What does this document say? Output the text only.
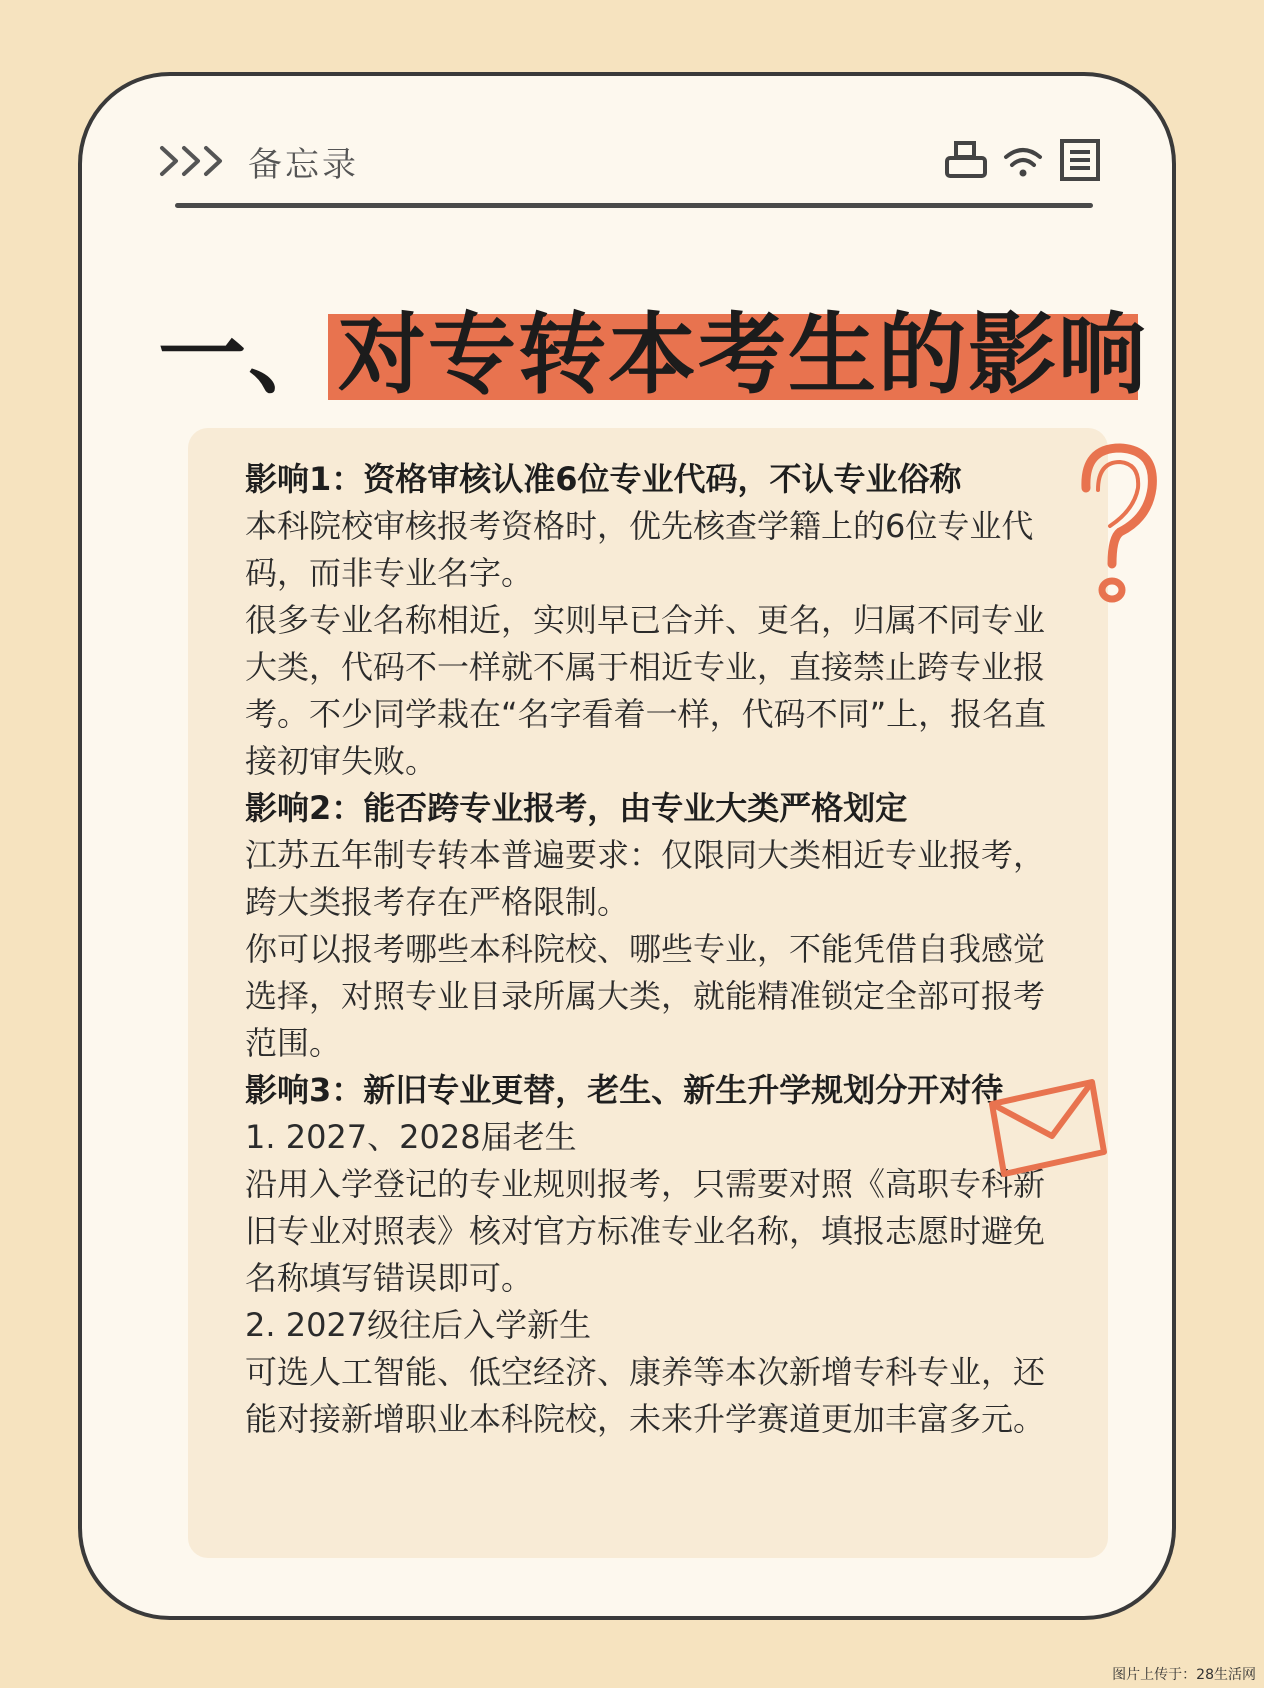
备忘录
一、对专转本考生的影响

影响1：资格审核认准6位专业代码，不认专业俗称

本科院校审核报考资格时，优先核查学籍上的6位专业代码，而非专业名字。

很多专业名称相近，实则早已合并、更名，归属不同专业大类，代码不一样就不属于相近专业，直接禁止跨专业报考。不少同学栽在“名字看着一样，代码不同”上，报名直接初审失败。

影响2：能否跨专业报考，由专业大类严格划定

江苏五年制专转本普遍要求：仅限同大类相近专业报考，跨大类报考存在严格限制。

你可以报考哪些本科院校、哪些专业，不能凭借自我感觉选择，对照专业目录所属大类，就能精准锁定全部可报考范围。

影响3：新旧专业更替，老生、新生升学规划分开对待

1. 2027、2028届老生

沿用入学登记的专业规则报考，只需要对照《高职专科新旧专业对照表》核对官方标准专业名称，填报志愿时避免名称填写错误即可。

2. 2027级往后入学新生

可选人工智能、低空经济、康养等本次新增专科专业，还能对接新增职业本科院校，未来升学赛道更加丰富多元。

图片上传于：28生活网
